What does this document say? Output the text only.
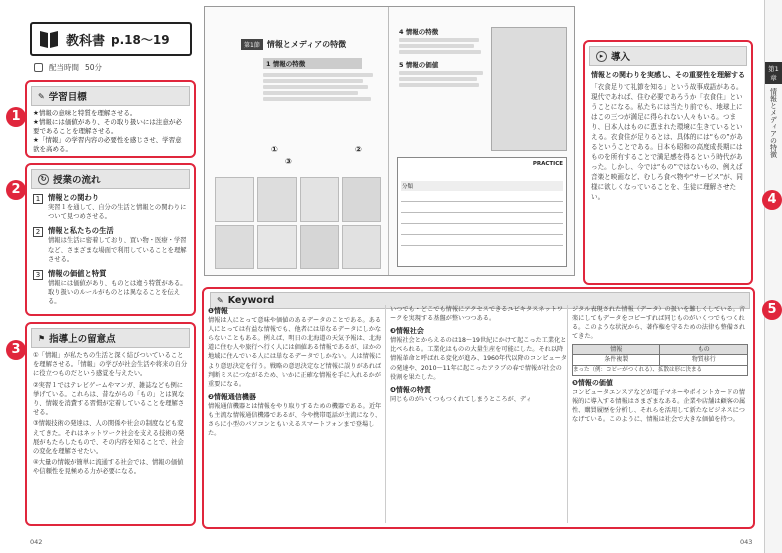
教科書 p.18～19
配当時間 50分
✎ 学習目標
★情報の意味と特質を理解させる。
★情報には価値があり、その取り扱いには注意が必要であることを理解させる。
★「情報」の学習内容の必要性を感じさせ、学習意欲を高める。
1
↻ 授業の流れ
1	情報との関わり
実習１を通して、自分の生活と情報との関わりについて見つめさせる。
2	情報と私たちの生活
情報は生活に密着しており、買い物・医療・学習など、さまざまな場面で利用していることを理解させる。
3	情報の価値と特質
情報には価値があり、ものとは違う特質がある。取り扱いのルールがものとは異なることを伝える。
2
⚑ 指導上の留意点
①「情報」が私たちの生活と深く結びついていることを理解させる。「情報」の学びが社会生活や将来の自分に役立つものだという感覚を与えたい。
②実習１ではテレビゲームやマンガ、雑誌なども例に挙げている。これらは、昔ながらの「もの」とは異なり、情報を消費する習慣が定着していることを理解させる。
③情報技術の発達は、人の関係や社会の制度なども変えてきた。それはネットワーク社会を支える技術の発展がもたらしたもので、その内容を知ることで、社会の変化を理解させたい。
④大量の情報が簡単に流通する社会では、情報の価値や信頼性を見極める力が必要になる。
3
第1節 情報とメディアの特徴
1 情報の特徴
①	②
③
4 情報の特徴
5 情報の価値
PRACTICE
分類
▸ 導入
情報との関わりを実感し、その重要性を理解する
「衣食足りて礼節を知る」という故事成語がある。現代であれば、住む必要であろうか「衣食住」ということになる。私たちには当たり前でも、地球上にはこの三つが満足に得られない人々もいる。つまり、日本人はものに恵まれた環境に生きているといえる。衣食住が足りるとは、具体的には“もの”があるということである。日本も昭和の高度成長期にはものを所有することで満足感を得るという時代があった。しかし、今では“もの”ではないもの、例えば音楽と映画など、むしろ食べ物や“サービス”が、同様に欲しくなっていることを、生徒に理解させたい。	4
第1章
情報とメディアの特徴
✎ Keyword
5
❶情報
情報は人にとって意味や価値のあるデータのことである。ある人にとっては有益な情報でも、他者には単なるデータにしかならないこともある。例えば、明日の北海道の天気予報は、北海道に住む人や旅行へ行く人には価値ある情報であるが、ほかの地域に住んでいる人には単なるデータでしかない。人は情報により意思決定を行う。戦略の意思決定など情報に誤りがあれば判断ミスにつながるため、いかに正確な情報を手に入れるかが重要になる。
❷情報通信機器
情報通信機器とは情報をやり取りするための機器である。近年も主流な情報通信機器であるが、今や携帯電話が主流になり、さらに小型のパソコンともいえるスマートフォンまで登場した。
いつでも・どこでも情報にアクセスできるユビキタスネットワークを実現する基盤が整いつつある。
❸情報社会
情報社会とからえるのは18～19世紀にかけて起こった工業化と比べられる。工業化はものの大量生産を可能にした。それ以降情報革命と呼ばれる変化が進み、1960年代以降のコンピュータの発達や、2010～11年に起こったアラブの春で情報が社会の役割を果たした。
❹情報の特質
同じものがいくつもつくれてしまうところが、ディ
ジタル表現された情報（データ）の扱いを難しくしている。音楽にしてもデータをコピーすれば同じものがいくつでもつくれる。このような状況から、著作権を守るための法律も整備されてきた。
情報	もの
条件複製	物質移行
まった（例：コピーがつくれる）、拡散は形に決まる	
❺情報の価値
コンピュータエンスアなどが電子マネーやポイントカードの情報的に導入する情報はさまざまなある。企業や店舗は顧客の属性、購買履歴を分析し、それらを活用して新たなビジネスにつなげている。このように、情報は社会で大きな価値を持つ。
042	043
